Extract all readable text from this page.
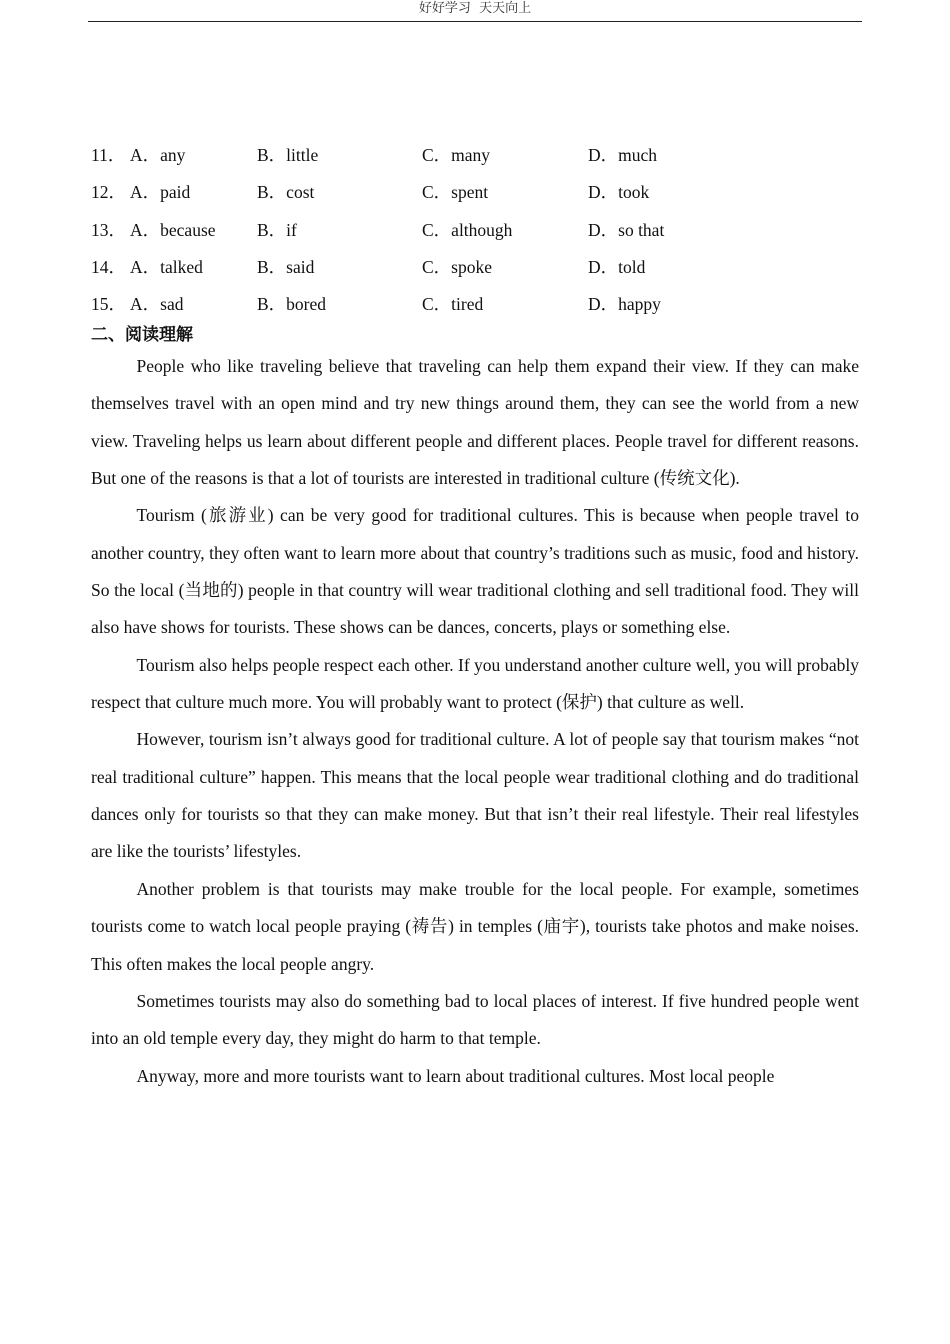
好好学习  天天向上
11． A．any	B．little	C．many	D．much
12． A．paid	B．cost	C．spent	D．took
13． A．because B．if	C．although	D．so that
14． A．talked	B．said	C．spoke	D．told
15． A．sad	B．bored	C．tired	D．happy
二、阅读理解

People who like traveling believe that traveling can help them expand their view. If they can make themselves travel with an open mind and try new things around them, they can see the world from a new view. Traveling helps us learn about different people and different places. People travel for different reasons. But one of the reasons is that a lot of tourists are interested in traditional culture (传统文化).

Tourism (旅游业) can be very good for traditional cultures. This is because when people travel to another country, they often want to learn more about that country’s traditions such as music, food and history. So the local (当地的) people in that country will wear traditional clothing and sell traditional food. They will also have shows for tourists. These shows can be dances, concerts, plays or something else.

Tourism also helps people respect each other. If you understand another culture well, you will probably respect that culture much more. You will probably want to protect (保护) that culture as well.

However, tourism isn’t always good for traditional culture. A lot of people say that tourism makes “not real traditional culture” happen. This means that the local people wear traditional clothing and do traditional dances only for tourists so that they can make money. But that isn’t their real lifestyle. Their real lifestyles are like the tourists’ lifestyles.

Another problem is that tourists may make trouble for the local people. For example, sometimes tourists come to watch local people praying (祷告) in temples (庙宇), tourists take photos and make noises. This often makes the local people angry.

Sometimes tourists may also do something bad to local places of interest. If five hundred people went into an old temple every day, they might do harm to that temple.

Anyway, more and more tourists want to learn about traditional cultures. Most local people
